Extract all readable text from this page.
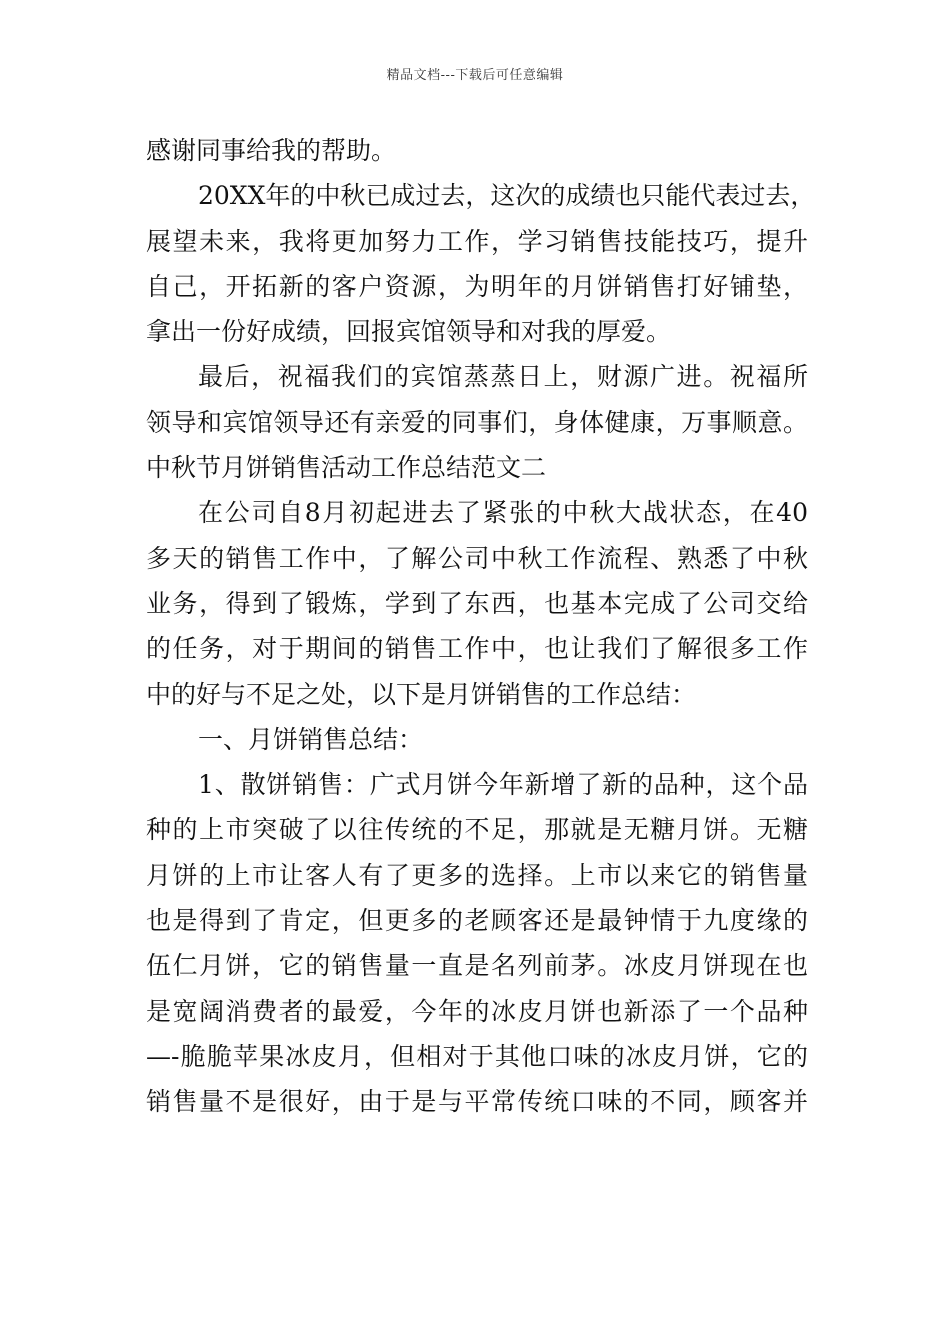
精品文档---下载后可任意编辑
感谢同事给我的帮助。
20XX年的中秋已成过去，这次的成绩也只能代表过去，
展望未来，我将更加努力工作，学习销售技能技巧，提升
自己，开拓新的客户资源，为明年的月饼销售打好铺垫，
拿出一份好成绩，回报宾馆领导和对我的厚爱。
最后，祝福我们的宾馆蒸蒸日上，财源广进。祝福所
领导和宾馆领导还有亲爱的同事们，身体健康，万事顺意。
中秋节月饼销售活动工作总结范文二
在公司自8月初起进去了紧张的中秋大战状态，在40
多天的销售工作中，了解公司中秋工作流程、熟悉了中秋
业务，得到了锻炼，学到了东西，也基本完成了公司交给
的任务，对于期间的销售工作中，也让我们了解很多工作
中的好与不足之处，以下是月饼销售的工作总结：
一、月饼销售总结：
1、散饼销售：广式月饼今年新增了新的品种，这个品
种的上市突破了以往传统的不足，那就是无糖月饼。无糖
月饼的上市让客人有了更多的选择。上市以来它的销售量
也是得到了肯定，但更多的老顾客还是最钟情于九度缘的
伍仁月饼，它的销售量一直是名列前茅。冰皮月饼现在也
是宽阔消费者的最爱，今年的冰皮月饼也新添了一个品种
—-脆脆苹果冰皮月，但相对于其他口味的冰皮月饼，它的
销售量不是很好，由于是与平常传统口味的不同，顾客并
